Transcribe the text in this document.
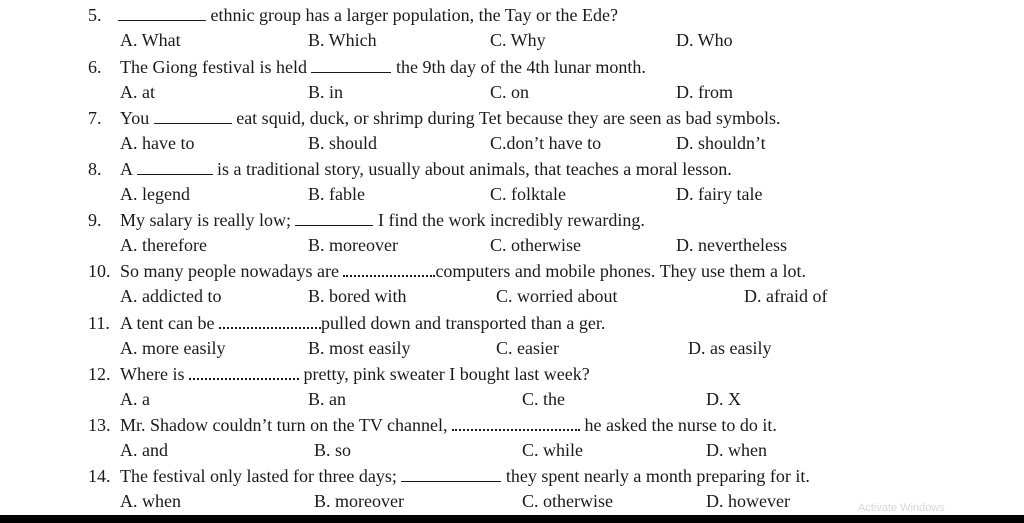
5.	ethnic group has a larger population, the Tay or the Ede?
A. What	B. Which	C. Why	D. Who
6. The Giong festival is held	the 9th day of the 4th lunar month.
A. at	B. in	C. on	D. from
7. You	eat squid, duck, or shrimp during Tet because they are seen as bad symbols.
A. have to	B. should	C.don’t have to	D. shouldn’t
8. A	is a traditional story, usually about animals, that teaches a moral lesson.
A. legend	B. fable	C. folktale	D. fairy tale
9. My salary is really low;	I find the work incredibly rewarding.
A. therefore	B. moreover	C. otherwise	D. nevertheless
10. So many people nowadays are	computers and mobile phones. They use them a lot.
A. addicted to	B. bored with	C. worried about	D. afraid of
11. A tent can be	pulled down and transported than a ger.
A. more easily	B. most easily	C. easier	D. as easily
12. Where is	pretty, pink sweater I bought last week?
A. a	B. an	C. the	D. X
13. Mr. Shadow couldn’t turn on the TV channel,	he asked the nurse to do it.
A. and	B. so	C. while	D. when
14. The festival only lasted for three days;	they spent nearly a month preparing for it.
A. when	B. moreover	C. otherwise	D. however	Activate Windows
